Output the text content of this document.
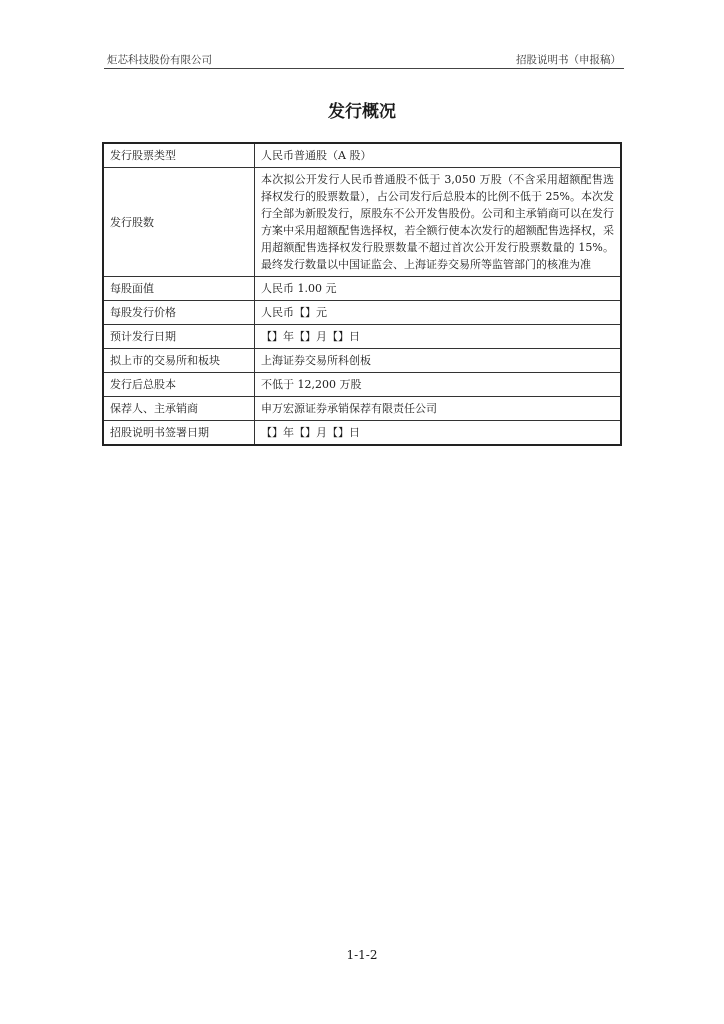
炬芯科技股份有限公司	招股说明书（申报稿）
发行概况
发行股票类型	人民币普通股（A 股）
发行股数	本次拟公开发行人民币普通股不低于 3,050 万股（不含采用超额配售选择权发行的股票数量），占公司发行后总股本的比例不低于 25%。本次发行全部为新股发行，原股东不公开发售股份。公司和主承销商可以在发行方案中采用超额配售选择权，若全额行使本次发行的超额配售选择权，采用超额配售选择权发行股票数量不超过首次公开发行股票数量的 15%。最终发行数量以中国证监会、上海证券交易所等监管部门的核准为准
每股面值	人民币 1.00 元
每股发行价格	人民币【】元
预计发行日期	【】年【】月【】日
拟上市的交易所和板块	上海证券交易所科创板
发行后总股本	不低于 12,200 万股
保荐人、主承销商	申万宏源证券承销保荐有限责任公司
招股说明书签署日期	【】年【】月【】日
1-1-2
